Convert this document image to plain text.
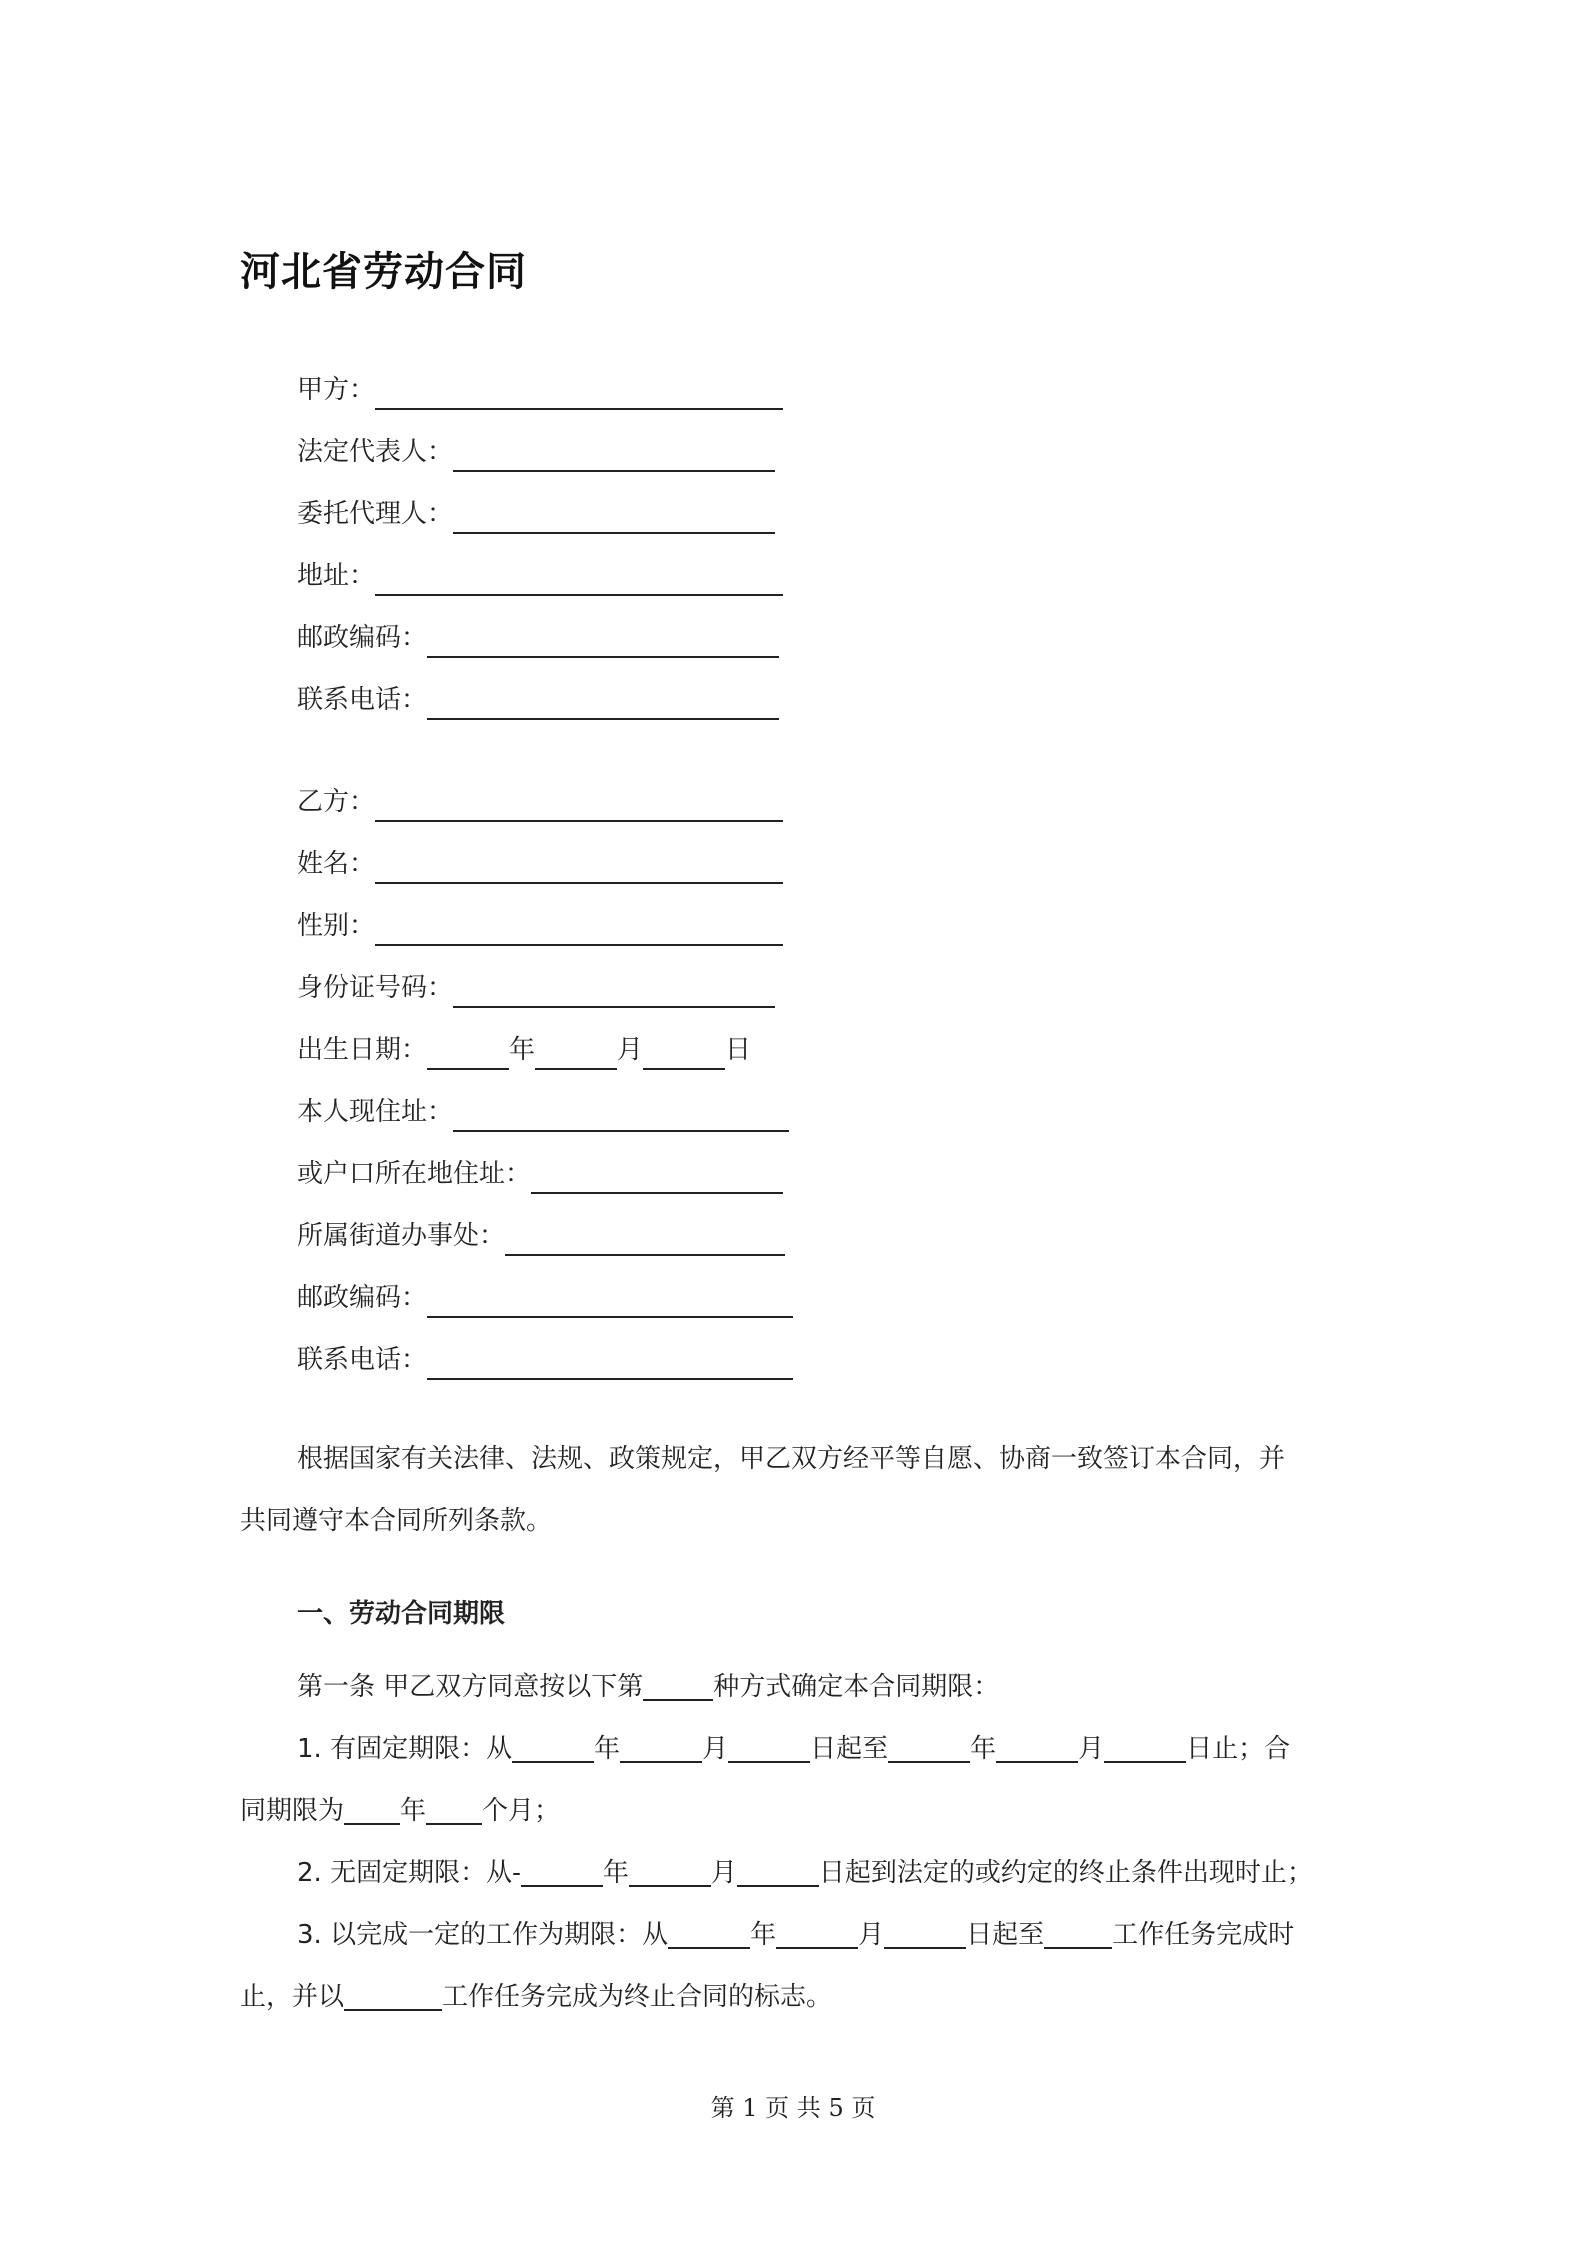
河北省劳动合同
甲方：
法定代表人：
委托代理人：
地址：
邮政编码：
联系电话：
乙方：
姓名：
性别：
身份证号码：
出生日期：	年	月	日
本人现住址：
或户口所在地住址：
所属街道办事处：
邮政编码：
联系电话：
根据国家有关法律、法规、政策规定，甲乙双方经平等自愿、协商一致签订本合同，并
共同遵守本合同所列条款。
一、劳动合同期限
第一条 甲乙双方同意按以下第	种方式确定本合同期限：
1. 有固定期限：从	年	月	日起至	年	月	日止；合
同期限为 年 个月；
2. 无固定期限：从-	年	月	日起到法定的或约定的终止条件出现时止；
3. 以完成一定的工作为期限：从	年	月	日起至	工作任务完成时
止，并以	工作任务完成为终止合同的标志。
第 1 页 共 5 页
